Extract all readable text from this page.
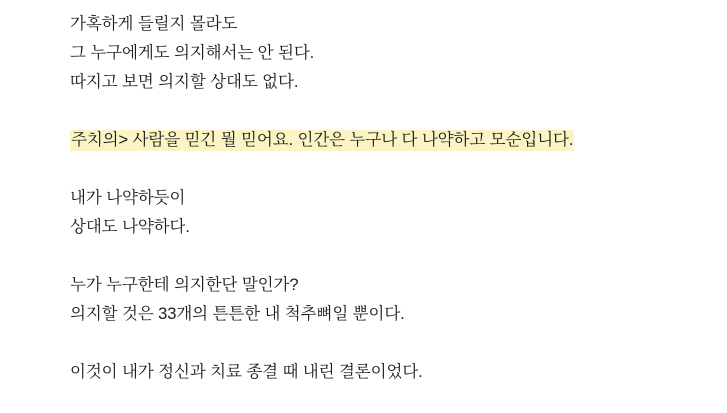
가혹하게 들릴지 몰라도
그 누구에게도 의지해서는 안 된다.
따지고 보면 의지할 상대도 없다.
주치의> 사람을 믿긴 뭘 믿어요. 인간은 누구나 다 나약하고 모순입니다.
내가 나약하듯이
상대도 나약하다.
누가 누구한테 의지한단 말인가?
의지할 것은 33개의 튼튼한 내 척추뼈일 뿐이다.
이것이 내가 정신과 치료 종결 때 내린 결론이었다.
